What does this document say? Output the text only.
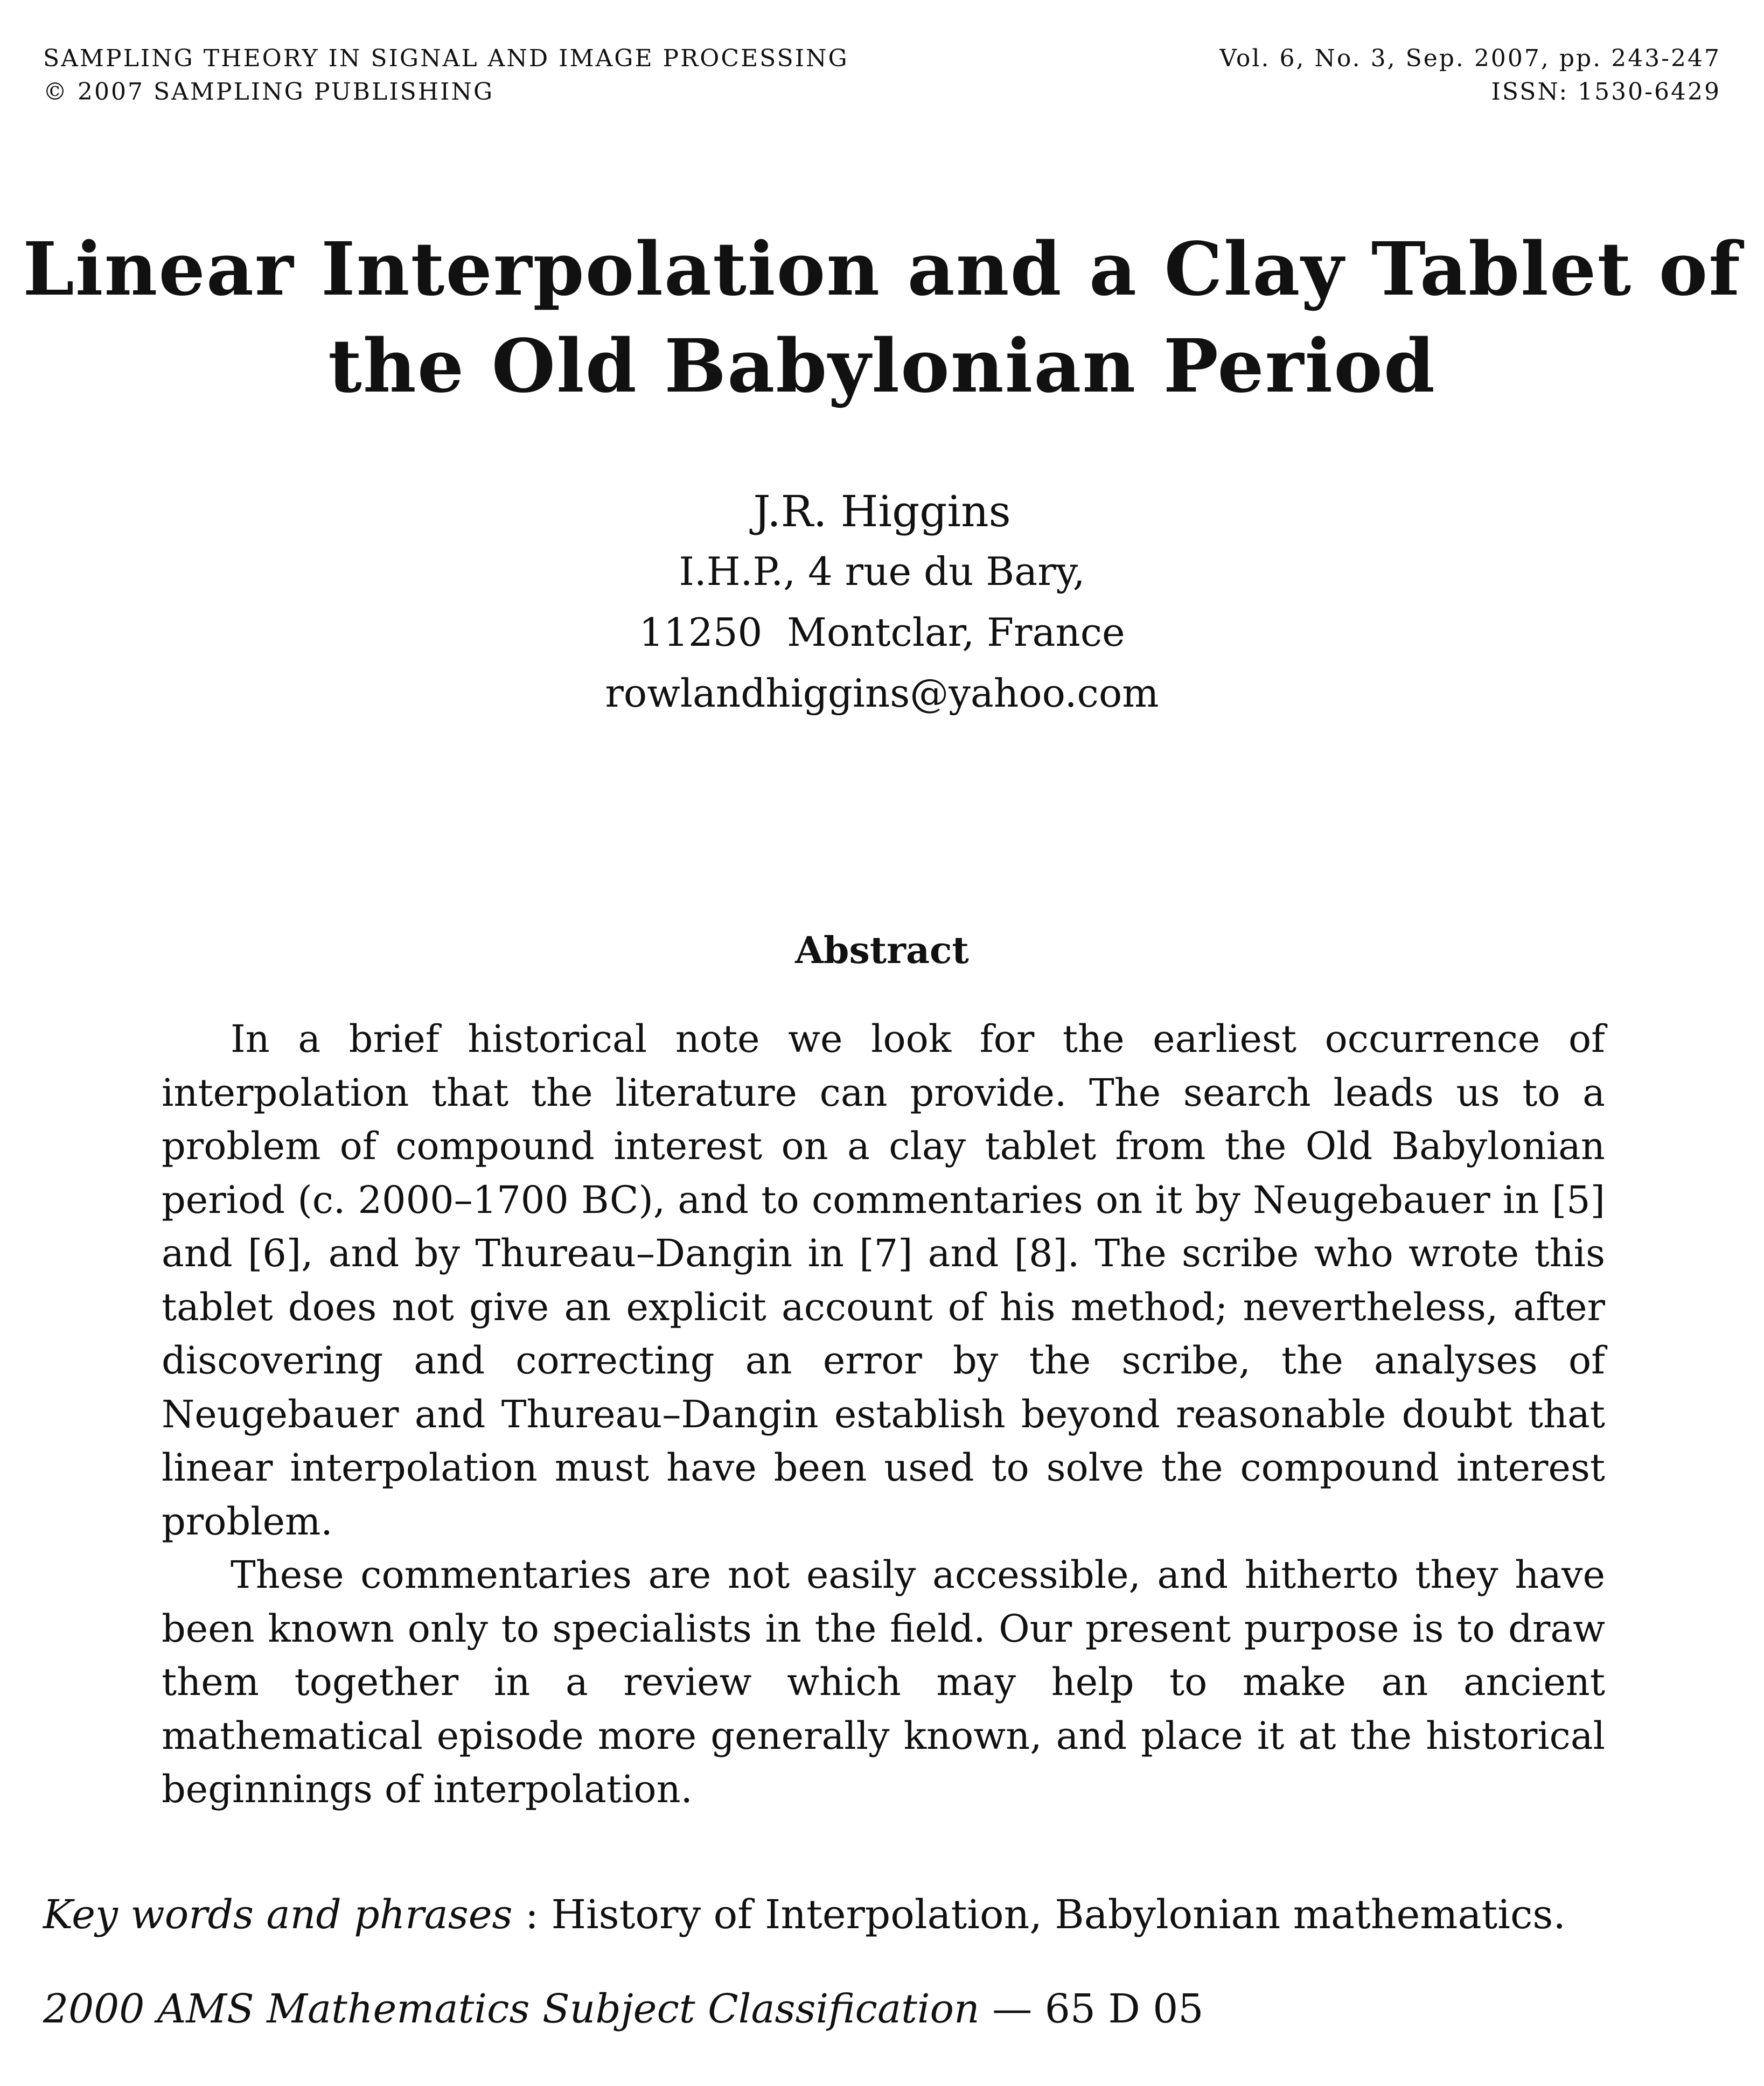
SAMPLING THEORY IN SIGNAL AND IMAGE PROCESSING
© 2007 SAMPLING PUBLISHING
Vol. 6, No. 3, Sep. 2007, pp. 243-247
ISSN: 1530-6429
Linear Interpolation and a Clay Tablet of
the Old Babylonian Period
J.R. Higgins
I.H.P., 4 rue du Bary,
11250  Montclar, France
rowlandhiggins@yahoo.com
Abstract

In a brief historical note we look for the earliest occurrence of interpolation that the literature can provide. The search leads us to a problem of compound interest on a clay tablet from the Old Babylonian period (c. 2000–1700 BC), and to commentaries on it by Neugebauer in [5] and [6], and by Thureau–Dangin in [7] and [8]. The scribe who wrote this tablet does not give an explicit account of his method; nevertheless, after discovering and correcting an error by the scribe, the analyses of Neugebauer and Thureau–Dangin establish beyond reasonable doubt that linear interpolation must have been used to solve the compound interest problem.

These commentaries are not easily accessible, and hitherto they have been known only to specialists in the field. Our present purpose is to draw them together in a review which may help to make an ancient mathematical episode more generally known, and place it at the historical beginnings of interpolation.

Key words and phrases : History of Interpolation, Babylonian mathematics.
2000 AMS Mathematics Subject Classification — 65 D 05
